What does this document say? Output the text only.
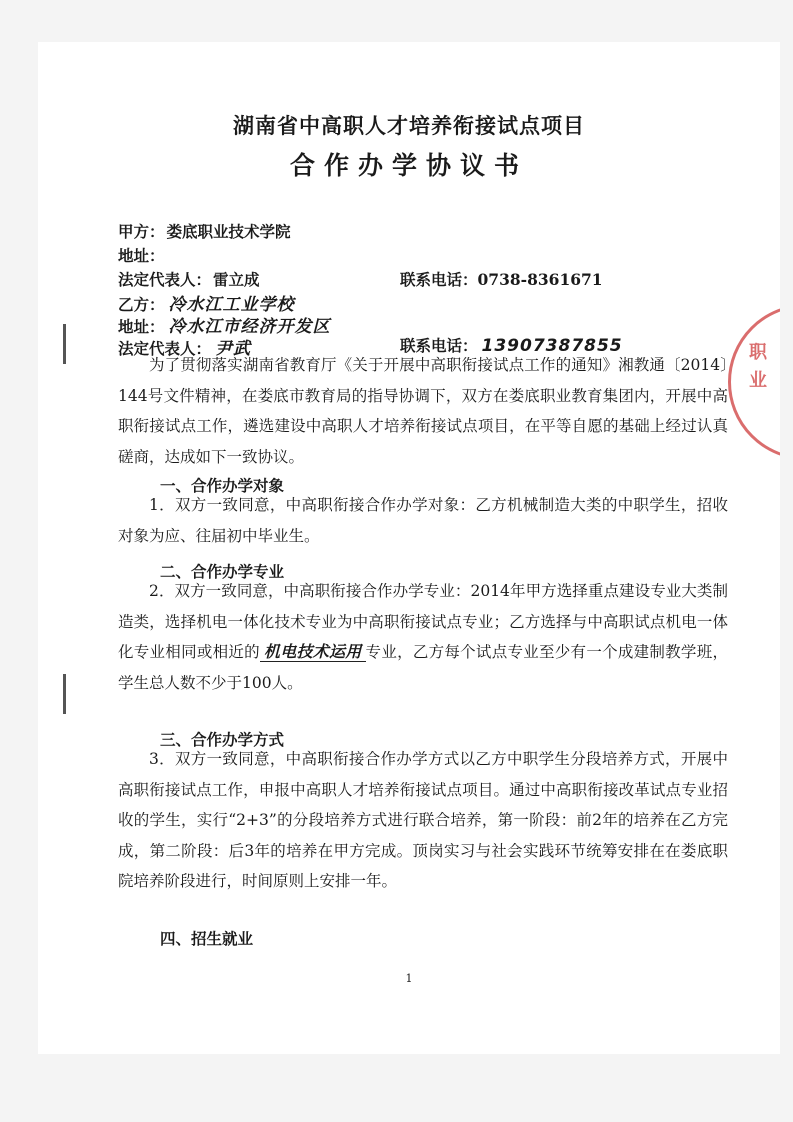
湖南省中高职人才培养衔接试点项目
合作办学协议书
甲方： 娄底职业技术学院
地址：
法定代表人： 雷立成	联系电话：0738-8361671
乙方： 冷水江工业学校
地址： 冷水江市经济开发区
法定代表人： 尹武	联系电话： 13907387855

为了贯彻落实湖南省教育厅《关于开展中高职衔接试点工作的通知》湘教通〔2014〕144号文件精神，在娄底市教育局的指导协调下，双方在娄底职业教育集团内，开展中高职衔接试点工作，遴选建设中高职人才培养衔接试点项目，在平等自愿的基础上经过认真磋商，达成如下一致协议。

一、合作办学对象

1．双方一致同意，中高职衔接合作办学对象：乙方机械制造大类的中职学生，招收对象为应、往届初中毕业生。

二、合作办学专业

2．双方一致同意，中高职衔接合作办学专业：2014年甲方选择重点建设专业大类制造类，选择机电一体化技术专业为中高职衔接试点专业；乙方选择与中高职试点机电一体化专业相同或相近的 机电技术运用 专业，乙方每个试点专业至少有一个成建制教学班，学生总人数不少于100人。

三、合作办学方式

3．双方一致同意，中高职衔接合作办学方式以乙方中职学生分段培养方式，开展中高职衔接试点工作，申报中高职人才培养衔接试点项目。通过中高职衔接改革试点专业招收的学生，实行“2+3”的分段培养方式进行联合培养，第一阶段：前2年的培养在乙方完成，第二阶段：后3年的培养在甲方完成。顶岗实习与社会实践环节统筹安排在在娄底职院培养阶段进行，时间原则上安排一年。

四、招生就业
1
职业
